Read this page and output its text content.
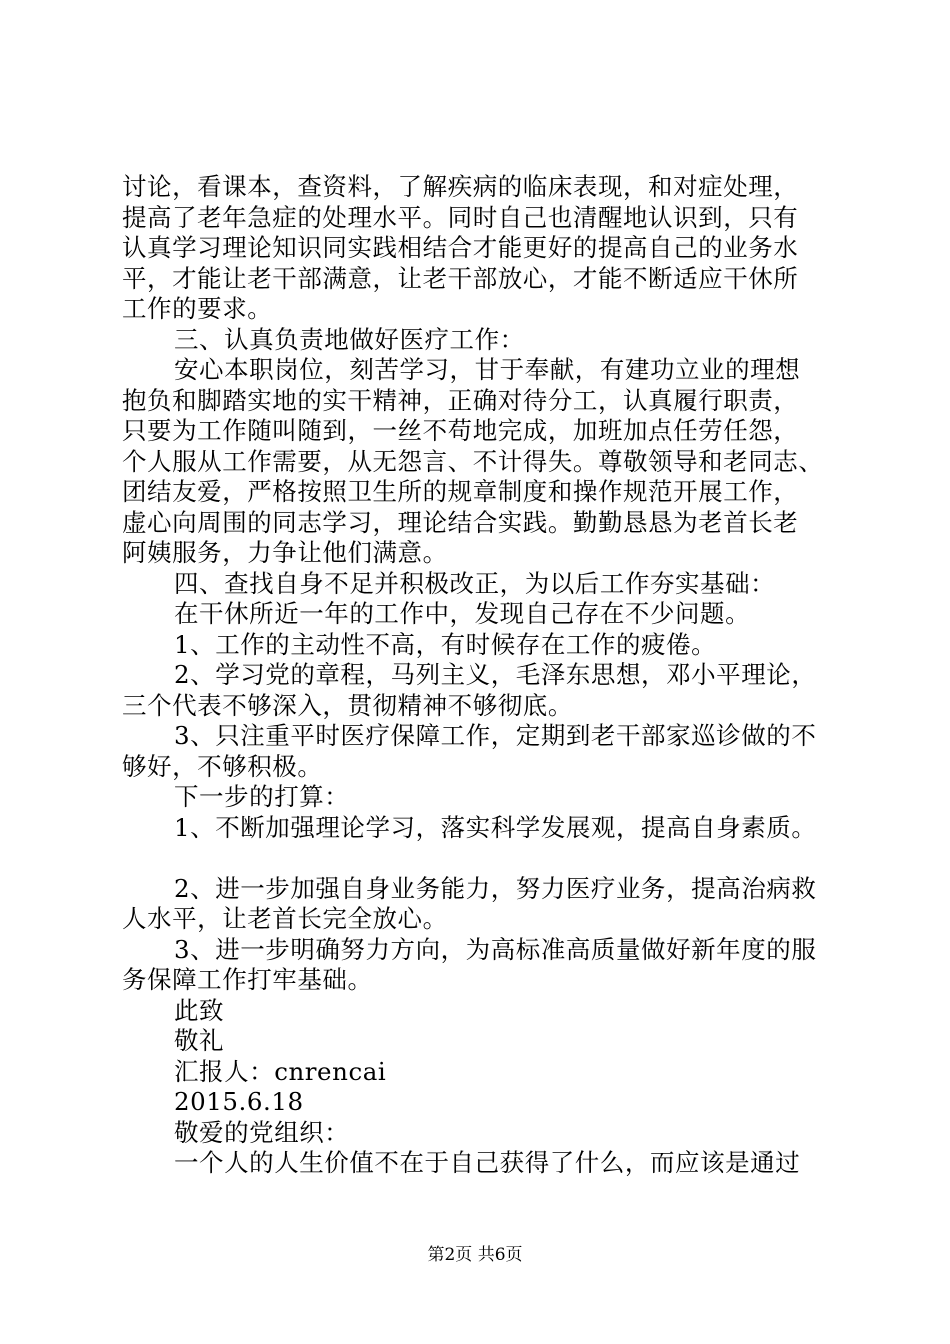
讨论，看课本，查资料，了解疾病的临床表现，和对症处理，
提高了老年急症的处理水平。同时自己也清醒地认识到，只有
认真学习理论知识同实践相结合才能更好的提高自己的业务水
平，才能让老干部满意，让老干部放心，才能不断适应干休所
工作的要求。
三、认真负责地做好医疗工作：
安心本职岗位，刻苦学习，甘于奉献，有建功立业的理想
抱负和脚踏实地的实干精神，正确对待分工，认真履行职责，
只要为工作随叫随到，一丝不苟地完成，加班加点任劳任怨，
个人服从工作需要，从无怨言、不计得失。尊敬领导和老同志、
团结友爱，严格按照卫生所的规章制度和操作规范开展工作，
虚心向周围的同志学习，理论结合实践。勤勤恳恳为老首长老
阿姨服务，力争让他们满意。
四、查找自身不足并积极改正，为以后工作夯实基础：
在干休所近一年的工作中，发现自己存在不少问题。
1、工作的主动性不高，有时候存在工作的疲倦。
2、学习党的章程，马列主义，毛泽东思想，邓小平理论，
三个代表不够深入，贯彻精神不够彻底。
3、只注重平时医疗保障工作，定期到老干部家巡诊做的不
够好，不够积极。
下一步的打算：
1、不断加强理论学习，落实科学发展观，提高自身素质。
2、进一步加强自身业务能力，努力医疗业务，提高治病救
人水平，让老首长完全放心。
3、进一步明确努力方向，为高标准高质量做好新年度的服
务保障工作打牢基础。
此致
敬礼
汇报人：cnrencai
2015.6.18
敬爱的党组织：
一个人的人生价值不在于自己获得了什么，而应该是通过
第2页 共6页
